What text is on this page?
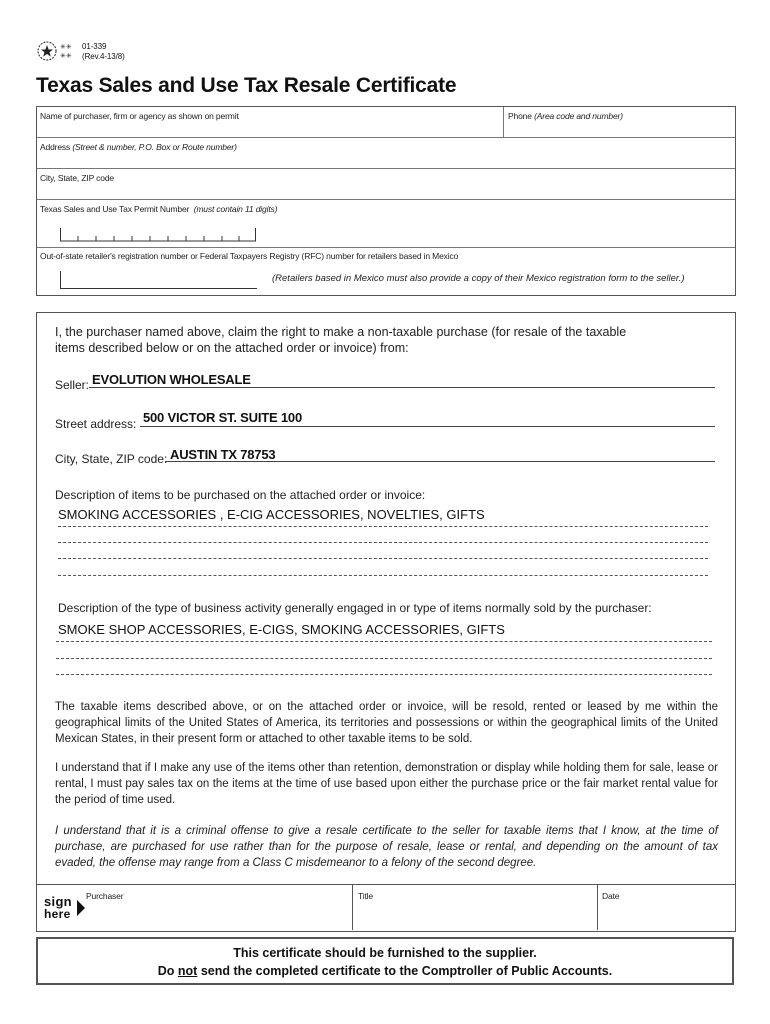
✳✳
✳✳
01-339
(Rev.4-13/8)
Texas Sales and Use Tax Resale Certificate
Name of purchaser, firm or agency as shown on permit	Phone (Area code and number)
Address (Street & number, P.O. Box or Route number)
City, State, ZIP code
Texas Sales and Use Tax Permit Number (must contain 11 digits)
Out-of-state retailer's registration number or Federal Taxpayers Registry (RFC) number for retailers based in Mexico
(Retailers based in Mexico must also provide a copy of their Mexico registration form to the seller.)
I, the purchaser named above, claim the right to make a non-taxable purchase (for resale of the taxable
items described below or on the attached order or invoice) from:
Seller: EVOLUTION WHOLESALE
Street address: 500 VICTOR ST. SUITE 100
City, State, ZIP code: AUSTIN TX 78753
Description of items to be purchased on the attached order or invoice:
SMOKING ACCESSORIES , E-CIG ACCESSORIES, NOVELTIES, GIFTS
Description of the type of business activity generally engaged in or type of items normally sold by the purchaser:
SMOKE SHOP ACCESSORIES, E-CIGS, SMOKING ACCESSORIES, GIFTS
The taxable items described above, or on the attached order or invoice, will be resold, rented or leased by me within the geographical limits of the United States of America, its territories and possessions or within the geographical limits of the United Mexican States, in their present form or attached to other taxable items to be sold.
I understand that if I make any use of the items other than retention, demonstration or display while holding them for sale, lease or rental, I must pay sales tax on the items at the time of use based upon either the purchase price or the fair market rental value for the period of time used.
I understand that it is a criminal offense to give a resale certificate to the seller for taxable items that I know, at the time of purchase, are purchased for use rather than for the purpose of resale, lease or rental, and depending on the amount of tax evaded, the offense may range from a Class C misdemeanor to a felony of the second degree.
sign
here
Purchaser	Title	Date
This certificate should be furnished to the supplier.
Do not send the completed certificate to the Comptroller of Public Accounts.
